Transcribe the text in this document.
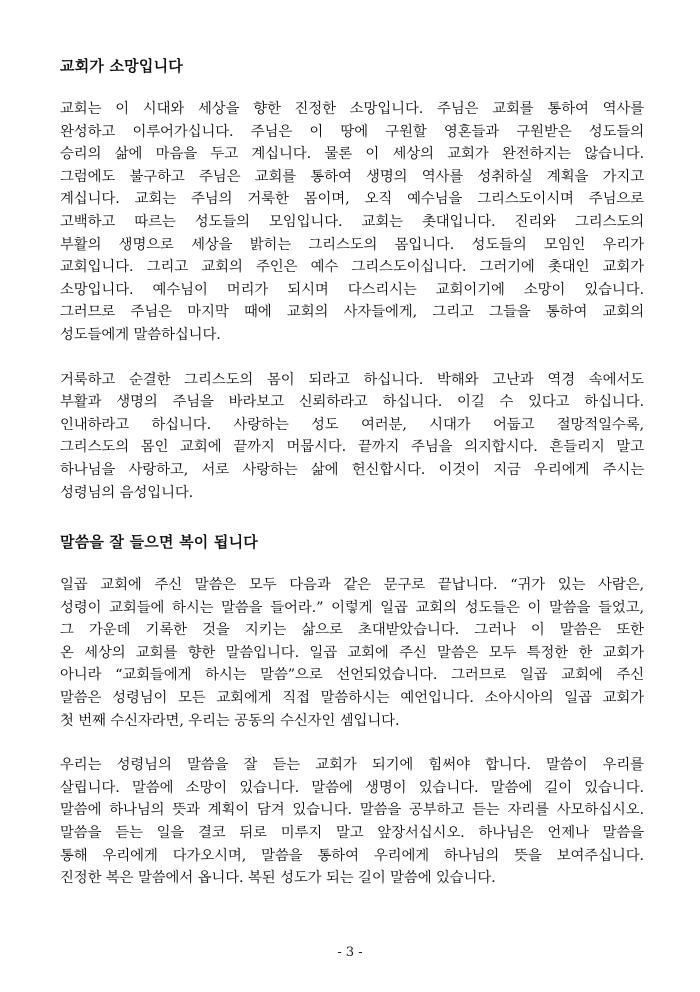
교회가 소망입니다
교회는 이 시대와 세상을 향한 진정한 소망입니다. 주님은 교회를 통하여 역사를
완성하고 이루어가십니다. 주님은 이 땅에 구원할 영혼들과 구원받은 성도들의
승리의 삶에 마음을 두고 계십니다. 물론 이 세상의 교회가 완전하지는 않습니다.
그럼에도 불구하고 주님은 교회를 통하여 생명의 역사를 성취하실 계획을 가지고
계십니다. 교회는 주님의 거룩한 몸이며, 오직 예수님을 그리스도이시며 주님으로
고백하고 따르는 성도들의 모임입니다. 교회는 촛대입니다. 진리와 그리스도의
부활의 생명으로 세상을 밝히는 그리스도의 몸입니다. 성도들의 모임인 우리가
교회입니다. 그리고 교회의 주인은 예수 그리스도이십니다. 그러기에 촛대인 교회가
소망입니다. 예수님이 머리가 되시며 다스리시는 교회이기에 소망이 있습니다.
그러므로 주님은 마지막 때에 교회의 사자들에게, 그리고 그들을 통하여 교회의
성도들에게 말씀하십니다.
거룩하고 순결한 그리스도의 몸이 되라고 하십니다. 박해와 고난과 역경 속에서도
부활과 생명의 주님을 바라보고 신뢰하라고 하십니다. 이길 수 있다고 하십니다.
인내하라고 하십니다. 사랑하는 성도 여러분, 시대가 어둡고 절망적일수록,
그리스도의 몸인 교회에 끝까지 머뭅시다. 끝까지 주님을 의지합시다. 흔들리지 말고
하나님을 사랑하고, 서로 사랑하는 삶에 헌신합시다. 이것이 지금 우리에게 주시는
성령님의 음성입니다.
말씀을 잘 들으면 복이 됩니다
일곱 교회에 주신 말씀은 모두 다음과 같은 문구로 끝납니다. “귀가 있는 사람은,
성령이 교회들에 하시는 말씀을 들어라.” 이렇게 일곱 교회의 성도들은 이 말씀을 들었고,
그 가운데 기록한 것을 지키는 삶으로 초대받았습니다. 그러나 이 말씀은 또한
온 세상의 교회를 향한 말씀입니다. 일곱 교회에 주신 말씀은 모두 특정한 한 교회가
아니라 “교회들에게 하시는 말씀”으로 선언되었습니다. 그러므로 일곱 교회에 주신
말씀은 성령님이 모든 교회에게 직접 말씀하시는 예언입니다. 소아시아의 일곱 교회가
첫 번째 수신자라면, 우리는 공동의 수신자인 셈입니다.
우리는 성령님의 말씀을 잘 듣는 교회가 되기에 힘써야 합니다. 말씀이 우리를
살립니다. 말씀에 소망이 있습니다. 말씀에 생명이 있습니다. 말씀에 길이 있습니다.
말씀에 하나님의 뜻과 계획이 담겨 있습니다. 말씀을 공부하고 듣는 자리를 사모하십시오.
말씀을 듣는 일을 결코 뒤로 미루지 말고 앞장서십시오. 하나님은 언제나 말씀을
통해 우리에게 다가오시며, 말씀을 통하여 우리에게 하나님의 뜻을 보여주십니다.
진정한 복은 말씀에서 옵니다. 복된 성도가 되는 길이 말씀에 있습니다.
- 3 -
